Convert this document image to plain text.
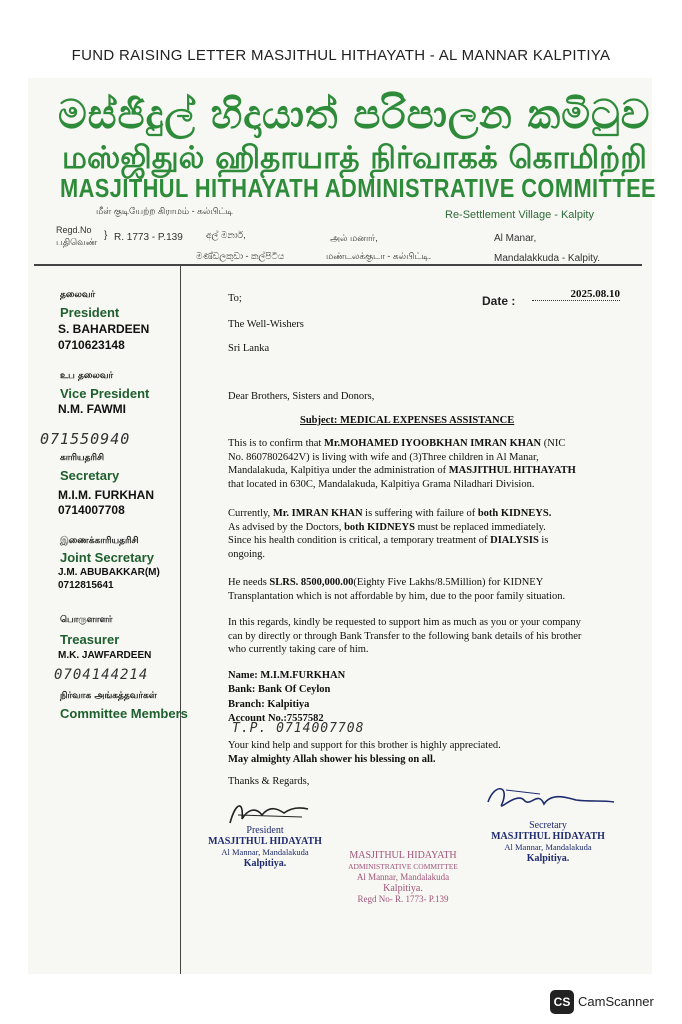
FUND RAISING LETTER MASJITHUL HITHAYATH - AL MANNAR KALPITIYA
මස්ජිදුල් හිදායාත් පරිපාලන කමිටුව
மஸ்ஜிதுல் ஹிதாயாத் நிர்வாகக் கொமிற்றி
MASJITHUL HITHAYATH ADMINISTRATIVE COMMITTEE
மீள் குடியேற்ற கிராமம் - கல்பிட்டி	Re-Settlement Village - Kalpity
Regd.No
பதிவெண்
} R. 1773 - P.139	අල් මනාර්,
මණ්ඩලකුඩා - කල්පිටිය
அல் மனார்,
மண்டலக்குடா - கல்பிட்டி.
Al Manar,
Mandalakkuda - Kalpity.
தலைவர்
President
S. BAHARDEEN
0710623148
உப தலைவர்
Vice President
N.M. FAWMI
071550940
காரியதரிசி
Secretary
M.I.M. FURKHAN
0714007708
இணைக்காரியதரிசி
Joint Secretary
J.M. ABUBAKKAR(M)
0712815641
பொருளாளர்
Treasurer
M.K. JAWFARDEEN
0704144214
நிர்வாக அங்கத்தவர்கள்
Committee Members
To;	Date :	2025.08.10
The Well-Wishers
Sri Lanka
Dear Brothers, Sisters and Donors,
Subject: MEDICAL EXPENSES ASSISTANCE
This is to confirm that Mr.MOHAMED IYOOBKHAN IMRAN KHAN (NIC
No. 8607802642V) is living with wife and (3)Three children in Al Manar,
Mandalakuda, Kalpitiya under the administration of MASJITHUL HITHAYATH
that located in 630C, Mandalakuda, Kalpitiya Grama Niladhari Division.
Currently, Mr. IMRAN KHAN is suffering with failure of both KIDNEYS.
As advised by the Doctors, both KIDNEYS must be replaced immediately.
Since his health condition is critical, a temporary treatment of DIALYSIS is
ongoing.
He needs SLRS. 8500,000.00(Eighty Five Lakhs/8.5Million) for KIDNEY
Transplantation which is not affordable by him, due to the poor family situation.
In this regards, kindly be requested to support him as much as you or your company
can by directly or through Bank Transfer to the following bank details of his brother
who currently taking care of him.
Name: M.I.M.FURKHAN
Bank: Bank Of Ceylon
Branch: Kalpitiya
Account No.:7557582
T.P. 0714007708
Your kind help and support for this brother is highly appreciated.
May almighty Allah shower his blessing on all.
Thanks & Regards,
President
MASJITHUL HIDAYATH
Al Mannar, Mandalakuda
Kalpitiya.
Secretary
MASJITHUL HIDAYATH
Al Mannar, Mandalakuda
Kalpitiya.
MASJITHUL HIDAYATH
ADMINISTRATIVE COMMITTEE
Al Mannar, Mandalakuda
Kalpitiya.
Regd No- R. 1773- P.139
CS CamScanner
